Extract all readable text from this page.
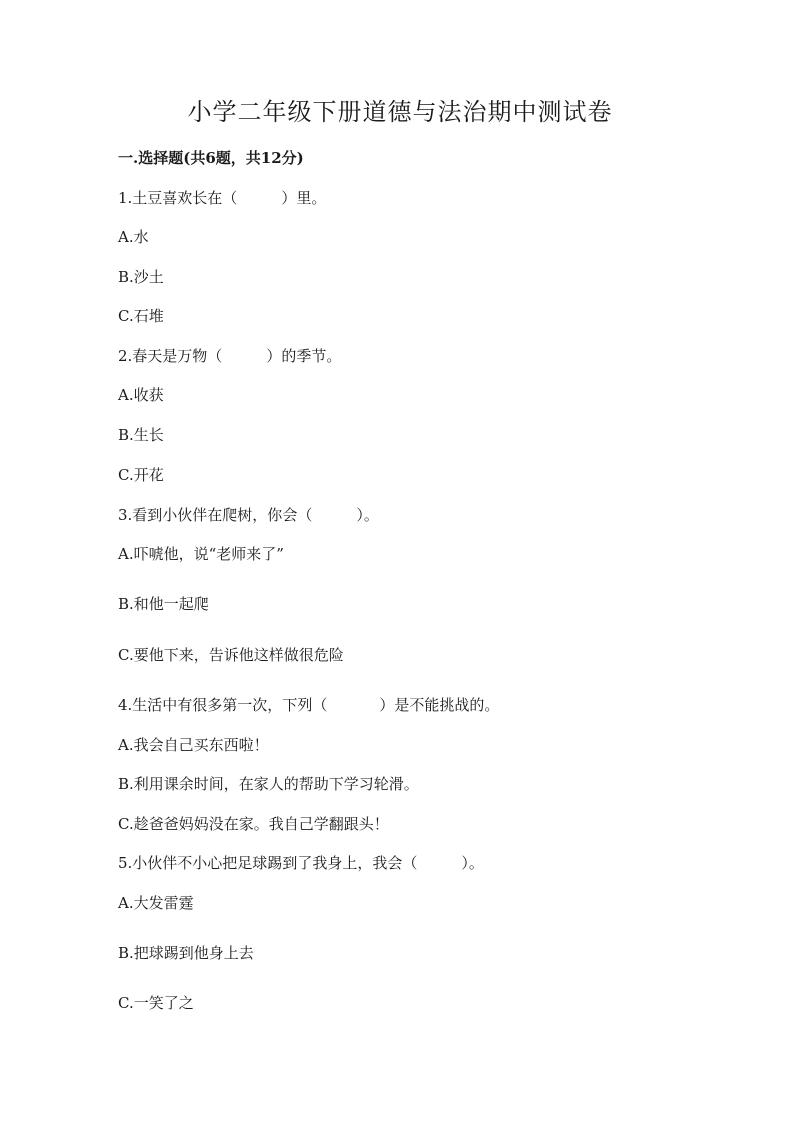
小学二年级下册道德与法治期中测试卷
一.选择题(共6题，共12分)
1.土豆喜欢长在（	）里。
A.水
B.沙土
C.石堆
2.春天是万物（	）的季节。
A.收获
B.生长
C.开花
3.看到小伙伴在爬树，你会（	）。
A.吓唬他，说“老师来了”
B.和他一起爬
C.要他下来，告诉他这样做很危险
4.生活中有很多第一次，下列（	）是不能挑战的。
A.我会自己买东西啦！
B.利用课余时间，在家人的帮助下学习轮滑。
C.趁爸爸妈妈没在家。我自己学翻跟头！
5.小伙伴不小心把足球踢到了我身上，我会（	）。
A.大发雷霆
B.把球踢到他身上去
C.一笑了之
